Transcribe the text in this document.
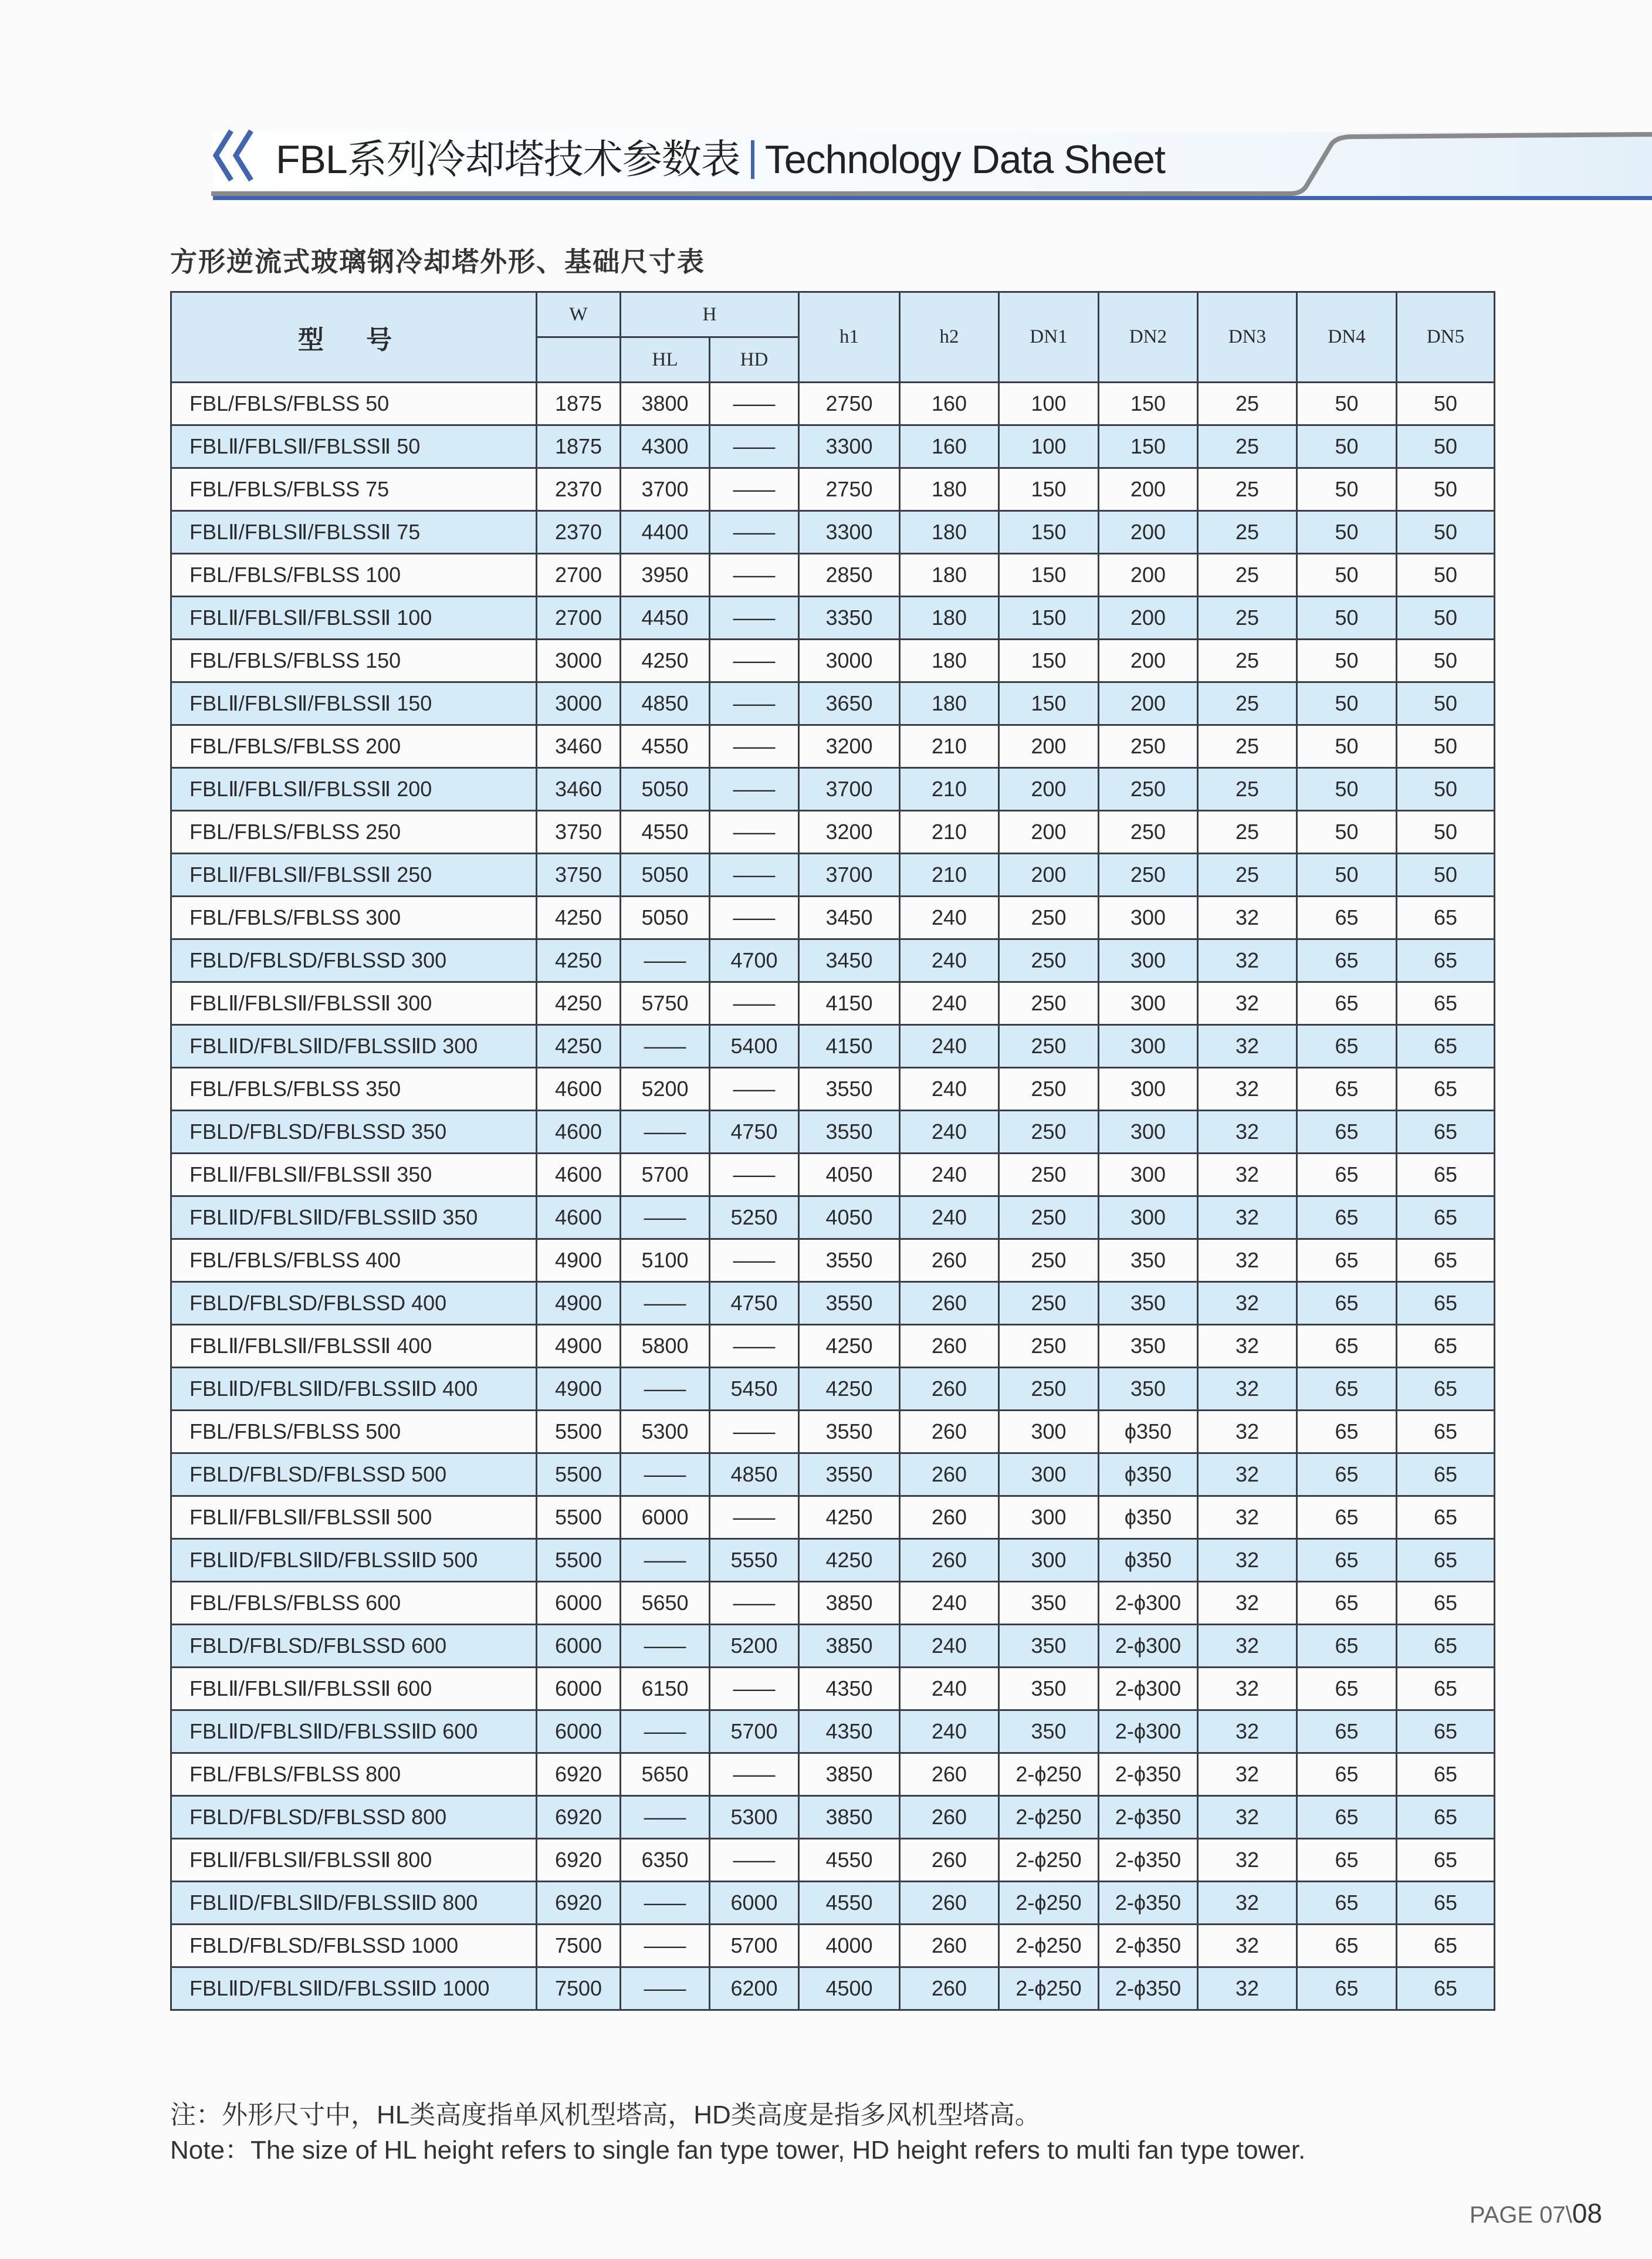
FBL系列冷却塔技术参数表 Technology Data Sheet
方形逆流式玻璃钢冷却塔外形、基础尺寸表
型 号	W	H		h1	h2	DN1	DN2	DN3	DN4	DN5
		HL	HD							
FBL/FBLS/FBLSS 50	1875	3800	——	2750	160	100	150	25	50	50
FBLⅡ/FBLSⅡ/FBLSSⅡ 50	1875	4300	——	3300	160	100	150	25	50	50
FBL/FBLS/FBLSS 75	2370	3700	——	2750	180	150	200	25	50	50
FBLⅡ/FBLSⅡ/FBLSSⅡ 75	2370	4400	——	3300	180	150	200	25	50	50
FBL/FBLS/FBLSS 100	2700	3950	——	2850	180	150	200	25	50	50
FBLⅡ/FBLSⅡ/FBLSSⅡ 100	2700	4450	——	3350	180	150	200	25	50	50
FBL/FBLS/FBLSS 150	3000	4250	——	3000	180	150	200	25	50	50
FBLⅡ/FBLSⅡ/FBLSSⅡ 150	3000	4850	——	3650	180	150	200	25	50	50
FBL/FBLS/FBLSS 200	3460	4550	——	3200	210	200	250	25	50	50
FBLⅡ/FBLSⅡ/FBLSSⅡ 200	3460	5050	——	3700	210	200	250	25	50	50
FBL/FBLS/FBLSS 250	3750	4550	——	3200	210	200	250	25	50	50
FBLⅡ/FBLSⅡ/FBLSSⅡ 250	3750	5050	——	3700	210	200	250	25	50	50
FBL/FBLS/FBLSS 300	4250	5050	——	3450	240	250	300	32	65	65
FBLD/FBLSD/FBLSSD 300	4250	——	4700	3450	240	250	300	32	65	65
FBLⅡ/FBLSⅡ/FBLSSⅡ 300	4250	5750	——	4150	240	250	300	32	65	65
FBLⅡD/FBLSⅡD/FBLSSⅡD 300	4250	——	5400	4150	240	250	300	32	65	65
FBL/FBLS/FBLSS 350	4600	5200	——	3550	240	250	300	32	65	65
FBLD/FBLSD/FBLSSD 350	4600	——	4750	3550	240	250	300	32	65	65
FBLⅡ/FBLSⅡ/FBLSSⅡ 350	4600	5700	——	4050	240	250	300	32	65	65
FBLⅡD/FBLSⅡD/FBLSSⅡD 350	4600	——	5250	4050	240	250	300	32	65	65
FBL/FBLS/FBLSS 400	4900	5100	——	3550	260	250	350	32	65	65
FBLD/FBLSD/FBLSSD 400	4900	——	4750	3550	260	250	350	32	65	65
FBLⅡ/FBLSⅡ/FBLSSⅡ 400	4900	5800	——	4250	260	250	350	32	65	65
FBLⅡD/FBLSⅡD/FBLSSⅡD 400	4900	——	5450	4250	260	250	350	32	65	65
FBL/FBLS/FBLSS 500	5500	5300	——	3550	260	300	ϕ350	32	65	65
FBLD/FBLSD/FBLSSD 500	5500	——	4850	3550	260	300	ϕ350	32	65	65
FBLⅡ/FBLSⅡ/FBLSSⅡ 500	5500	6000	——	4250	260	300	ϕ350	32	65	65
FBLⅡD/FBLSⅡD/FBLSSⅡD 500	5500	——	5550	4250	260	300	ϕ350	32	65	65
FBL/FBLS/FBLSS 600	6000	5650	——	3850	240	350	2-ϕ300	32	65	65
FBLD/FBLSD/FBLSSD 600	6000	——	5200	3850	240	350	2-ϕ300	32	65	65
FBLⅡ/FBLSⅡ/FBLSSⅡ 600	6000	6150	——	4350	240	350	2-ϕ300	32	65	65
FBLⅡD/FBLSⅡD/FBLSSⅡD 600	6000	——	5700	4350	240	350	2-ϕ300	32	65	65
FBL/FBLS/FBLSS 800	6920	5650	——	3850	260	2-ϕ250	2-ϕ350	32	65	65
FBLD/FBLSD/FBLSSD 800	6920	——	5300	3850	260	2-ϕ250	2-ϕ350	32	65	65
FBLⅡ/FBLSⅡ/FBLSSⅡ 800	6920	6350	——	4550	260	2-ϕ250	2-ϕ350	32	65	65
FBLⅡD/FBLSⅡD/FBLSSⅡD 800	6920	——	6000	4550	260	2-ϕ250	2-ϕ350	32	65	65
FBLD/FBLSD/FBLSSD 1000	7500	——	5700	4000	260	2-ϕ250	2-ϕ350	32	65	65
FBLⅡD/FBLSⅡD/FBLSSⅡD 1000	7500	——	6200	4500	260	2-ϕ250	2-ϕ350	32	65	65
注：外形尺寸中，HL类高度指单风机型塔高，HD类高度是指多风机型塔高。
Note：The size of HL height refers to single fan type tower, HD height refers to multi fan type tower.
PAGE 07\08
